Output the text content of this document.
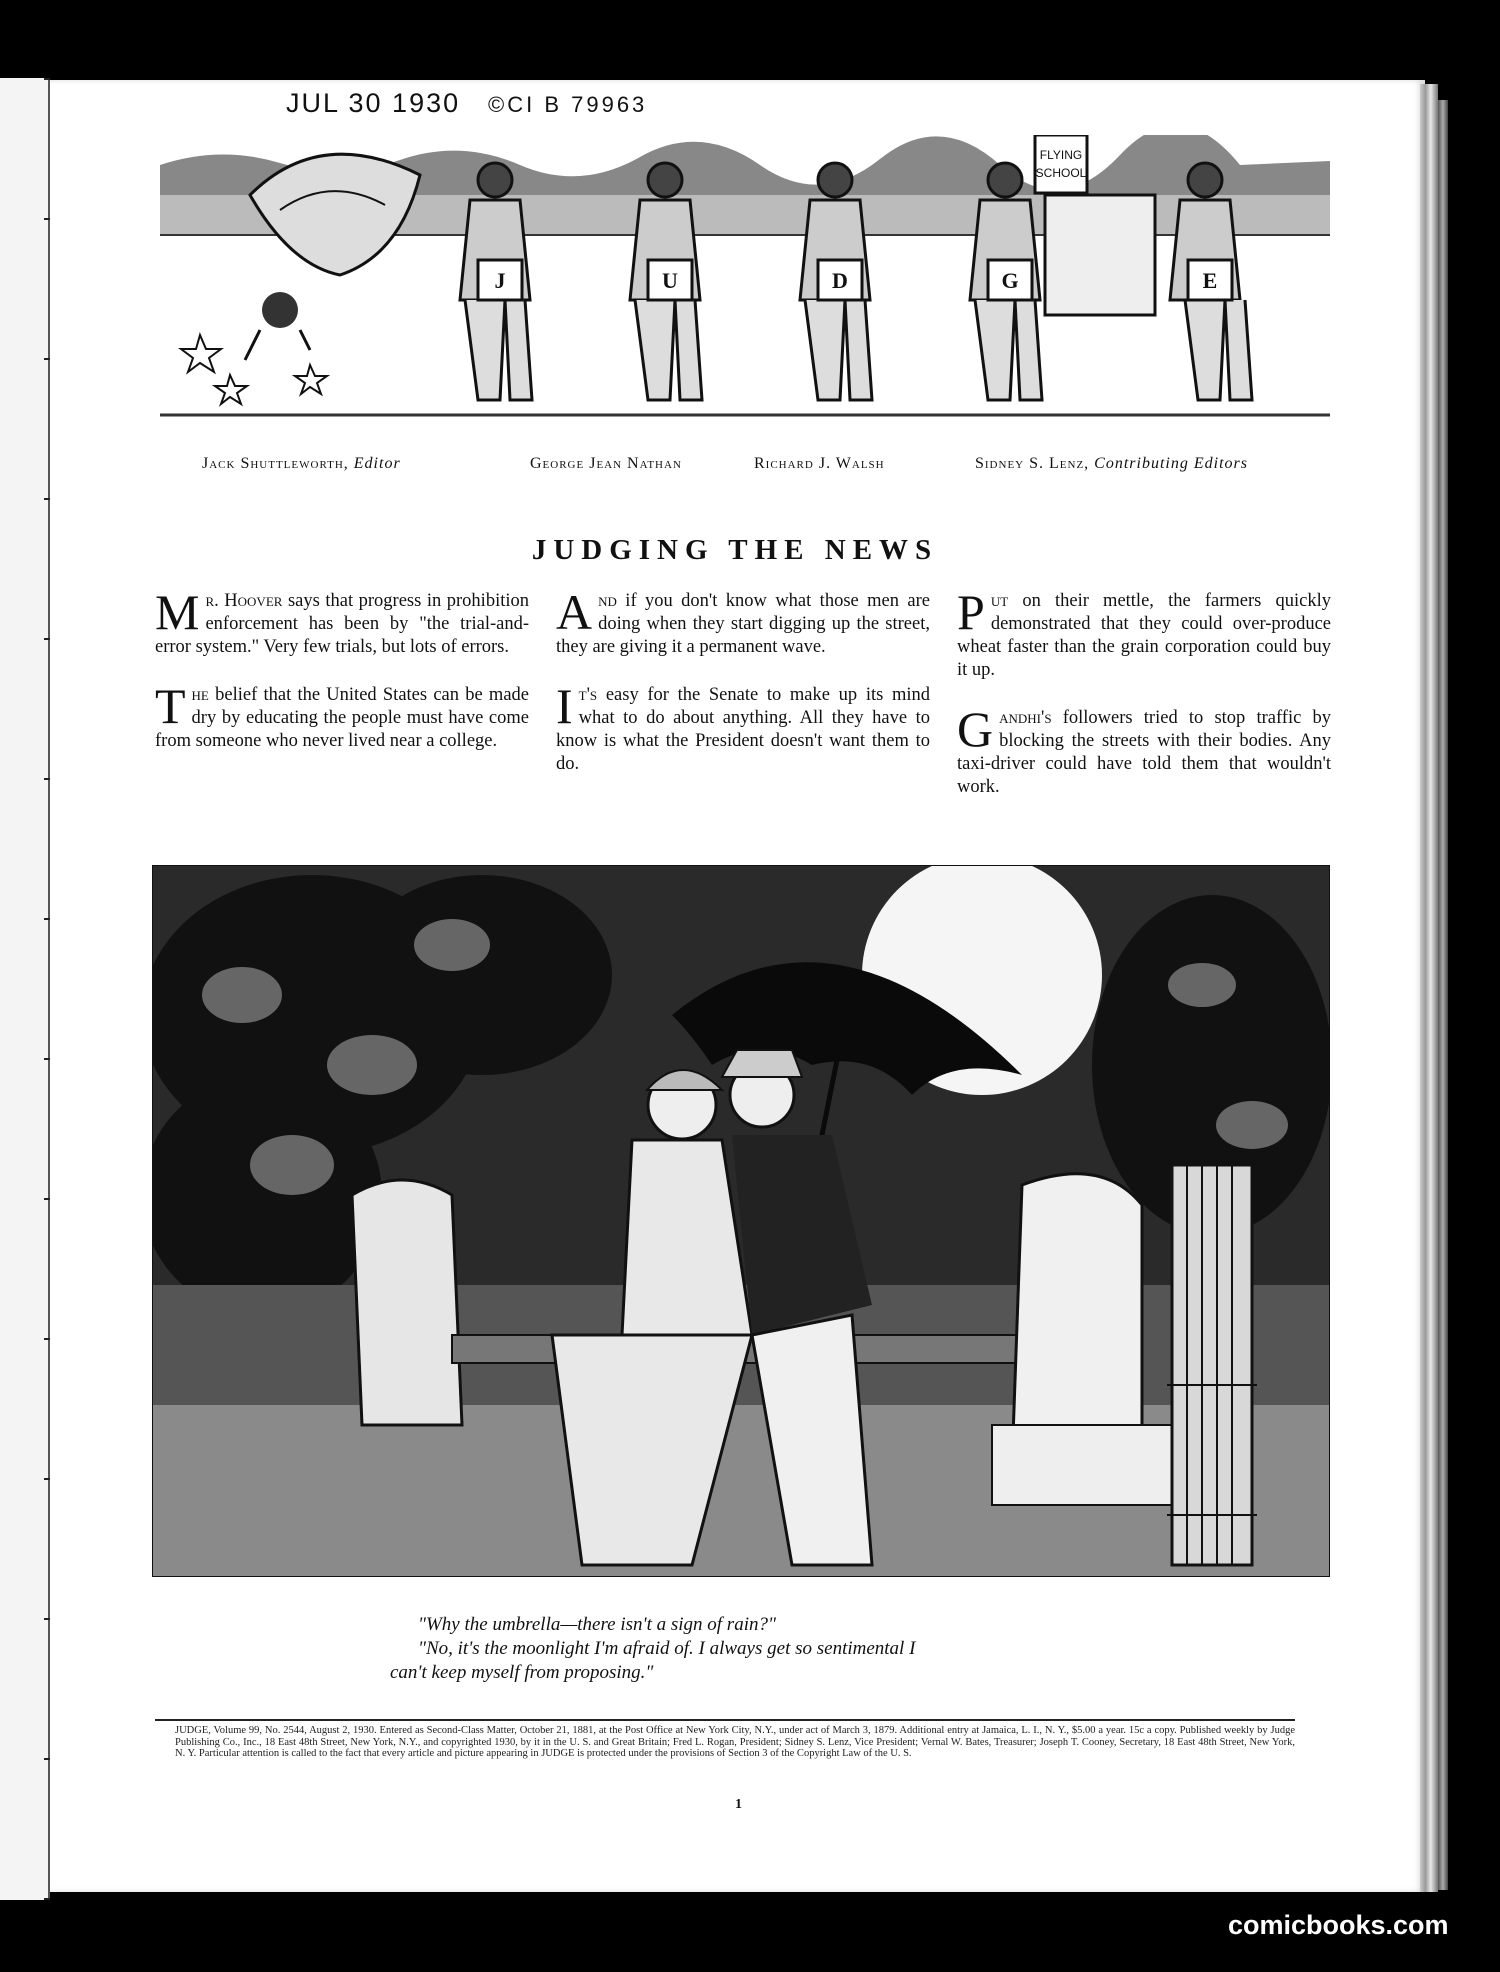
JUL 30 1930 ©CI B 79963
J	U	D	G	E
FLYING
SCHOOL
Jack Shuttleworth, Editor	George Jean Nathan	Richard J. Walsh	Sidney S. Lenz, Contributing Editors
JUDGING THE NEWS

Mr. Hoover says that progress in prohibition enforcement has been by "the trial-and-error system." Very few trials, but lots of errors.

The belief that the United States can be made dry by educating the people must have come from someone who never lived near a college.

And if you don't know what those men are doing when they start digging up the street, they are giving it a permanent wave.

It's easy for the Senate to make up its mind what to do about anything. All they have to know is what the President doesn't want them to do.

Put on their mettle, the farmers quickly demonstrated that they could over-produce wheat faster than the grain corporation could buy it up.

Gandhi's followers tried to stop traffic by blocking the streets with their bodies. Any taxi-driver could have told them that wouldn't work.

"Why the umbrella—there isn't a sign of rain?"
"No, it's the moonlight I'm afraid of. I always get so sentimental I
can't keep myself from proposing."
JUDGE, Volume 99, No. 2544, August 2, 1930. Entered as Second-Class Matter, October 21, 1881, at the Post Office at New York City, N.Y., under act of March 3, 1879. Additional entry at Jamaica, L. I., N. Y., $5.00 a year. 15c a copy. Published weekly by Judge Publishing Co., Inc., 18 East 48th Street, New York, N.Y., and copyrighted 1930, by it in the U. S. and Great Britain; Fred L. Rogan, President; Sidney S. Lenz, Vice President; Vernal W. Bates, Treasurer; Joseph T. Cooney, Secretary, 18 East 48th Street, New York, N. Y. Particular attention is called to the fact that every article and picture appearing in JUDGE is protected under the provisions of Section 3 of the Copyright Law of the U. S.
1
comicbooks.com
